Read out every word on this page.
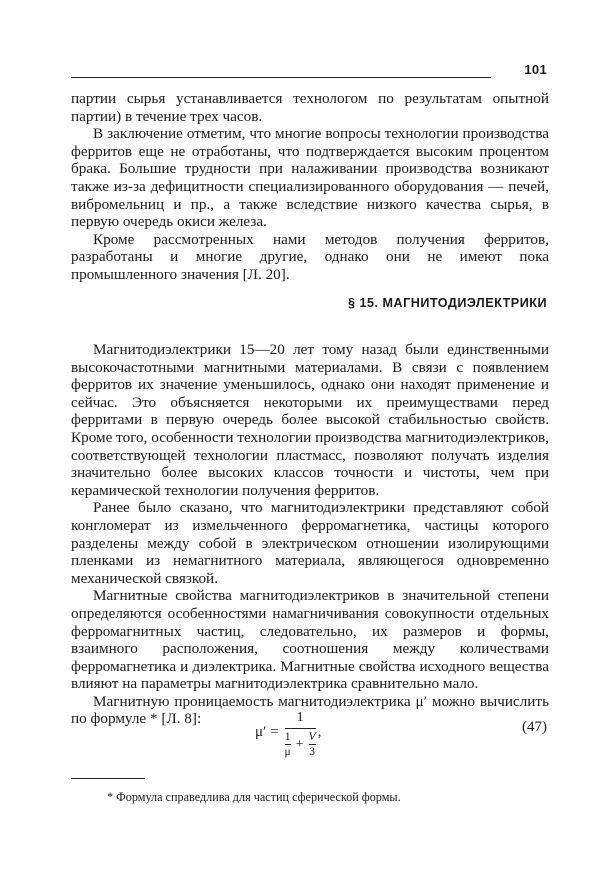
101

партии сырья устанавливается технологом по результатам опытной партии) в течение трех часов.

В заключение отметим, что многие вопросы технологии производства ферритов еще не отработаны, что подтверждается высоким процентом брака. Большие трудности при налаживании производства возникают также из-за дефицитности специализированного оборудования — печей, вибромельниц и пр., а также вследствие низкого качества сырья, в первую очередь окиси железа.

Кроме рассмотренных нами методов получения ферритов, разработаны и многие другие, однако они не имеют пока промышленного значения [Л. 20].

§ 15. МАГНИТОДИЭЛЕКТРИКИ

Магнитодиэлектрики 15—20 лет тому назад были единственными высокочастотными магнитными материалами. В связи с появлением ферритов их значение уменьшилось, однако они находят применение и сейчас. Это объясняется некоторыми их преимуществами перед ферритами в первую очередь более высокой стабильностью свойств. Кроме того, особенности технологии производства магнитодиэлектриков, соответствующей технологии пластмасс, позволяют получать изделия значительно более высоких классов точности и чистоты, чем при керамической технологии получения ферритов.

Ранее было сказано, что магнитодиэлектрики представляют собой конгломерат из измельченного ферромагнетика, частицы которого разделены между собой в электрическом отношении изолирующими пленками из немагнитного материала, являющегося одновременно механической связкой.

Магнитные свойства магнитодиэлектриков в значительной степени определяются особенностями намагничивания совокупности отдельных ферромагнитных частиц, следовательно, их размеров и формы, взаимного расположения, соотношения между количествами ферромагнетика и диэлектрика. Магнитные свойства исходного вещества влияют на параметры магнитодиэлектрика сравнительно мало.

Магнитную проницаемость магнитодиэлектрика μ′ можно вычислить по формуле * [Л. 8]:

μ′ =
1
$\frac{1}{\mu} + \frac{V}{3}$ ,	(47)
* Формула справедлива для частиц сферической формы.
